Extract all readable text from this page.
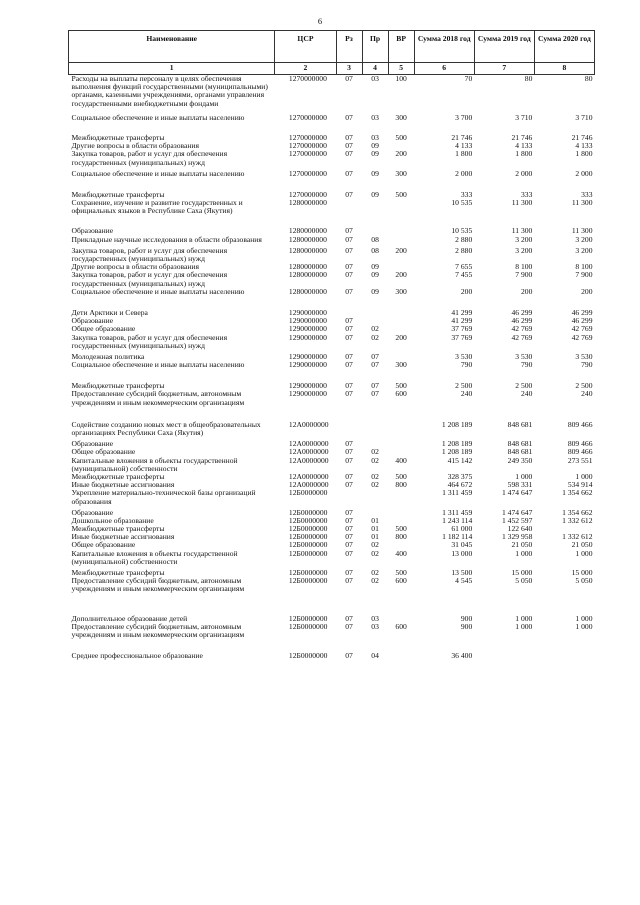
6
Наименование	ЦСР	Рз	Пр	ВР	Сумма 2018 год	Сумма 2019 год	Сумма 2020 год
1	2	3	4	5	6	7	8
Расходы на выплаты персоналу в целях обеспечения выполнения функций государственными (муниципальными) органами, казенными учреждениями, органами управления государственными внебюджетными фондами	1270000000	07	03	100	70	80	80
Социальное обеспечение и иные выплаты населению	1270000000	07	03	300	3 700	3 710	3 710
Межбюджетные трансферты	1270000000	07	03	500	21 746	21 746	21 746
Другие вопросы в области образования	1270000000	07	09		4 133	4 133	4 133
Закупка товаров, работ и услуг для обеспечения государственных (муниципальных) нужд	1270000000	07	09	200	1 800	1 800	1 800
Социальное обеспечение и иные выплаты населению	1270000000	07	09	300	2 000	2 000	2 000
Межбюджетные трансферты	1270000000	07	09	500	333	333	333
Сохранение, изучение и развитие государственных и официальных языков в Республике Саха (Якутия)	1280000000				10 535	11 300	11 300
Образование	1280000000	07			10 535	11 300	11 300
Прикладные научные исследования в области образования	1280000000	07	08		2 880	3 200	3 200
Закупка товаров, работ и услуг для обеспечения государственных (муниципальных) нужд	1280000000	07	08	200	2 880	3 200	3 200
Другие вопросы в области образования	1280000000	07	09		7 655	8 100	8 100
Закупка товаров, работ и услуг для обеспечения государственных (муниципальных) нужд	1280000000	07	09	200	7 455	7 900	7 900
Социальное обеспечение и иные выплаты населению	1280000000	07	09	300	200	200	200
Дети Арктики и Севера	1290000000				41 299	46 299	46 299
Образование	1290000000	07			41 299	46 299	46 299
Общее образование	1290000000	07	02		37 769	42 769	42 769
Закупка товаров, работ и услуг для обеспечения государственных (муниципальных) нужд	1290000000	07	02	200	37 769	42 769	42 769
Молодежная политика	1290000000	07	07		3 530	3 530	3 530
Социальное обеспечение и иные выплаты населению	1290000000	07	07	300	790	790	790
Межбюджетные трансферты	1290000000	07	07	500	2 500	2 500	2 500
Предоставление субсидий бюджетным, автономным учреждениям и иным некоммерческим организациям	1290000000	07	07	600	240	240	240
Содействие созданию новых мест в общеобразовательных организациях Республики Саха (Якутия)	12А0000000				1 208 189	848 681	809 466
Образование	12А0000000	07			1 208 189	848 681	809 466
Общее образование	12А0000000	07	02		1 208 189	848 681	809 466
Капитальные вложения в объекты государственной (муниципальной) собственности	12А0000000	07	02	400	415 142	249 350	273 551
Межбюджетные трансферты	12А0000000	07	02	500	328 375	1 000	1 000
Иные бюджетные ассигнования	12А0000000	07	02	800	464 672	598 331	534 914
Укрепление материально-технической базы организаций образования	12Б0000000				1 311 459	1 474 647	1 354 662
Образование	12Б0000000	07			1 311 459	1 474 647	1 354 662
Дошкольное образование	12Б0000000	07	01		1 243 114	1 452 597	1 332 612
Межбюджетные трансферты	12Б0000000	07	01	500	61 000	122 640	
Иные бюджетные ассигнования	12Б0000000	07	01	800	1 182 114	1 329 958	1 332 612
Общее образование	12Б0000000	07	02		31 045	21 050	21 050
Капитальные вложения в объекты государственной (муниципальной) собственности	12Б0000000	07	02	400	13 000	1 000	1 000
Межбюджетные трансферты	12Б0000000	07	02	500	13 500	15 000	15 000
Предоставление субсидий бюджетным, автономным учреждениям и иным некоммерческим организациям	12Б0000000	07	02	600	4 545	5 050	5 050
Дополнительное образование детей	12Б0000000	07	03		900	1 000	1 000
Предоставление субсидий бюджетным, автономным учреждениям и иным некоммерческим организациям	12Б0000000	07	03	600	900	1 000	1 000
Среднее профессиональное образование	12Б0000000	07	04		36 400		
